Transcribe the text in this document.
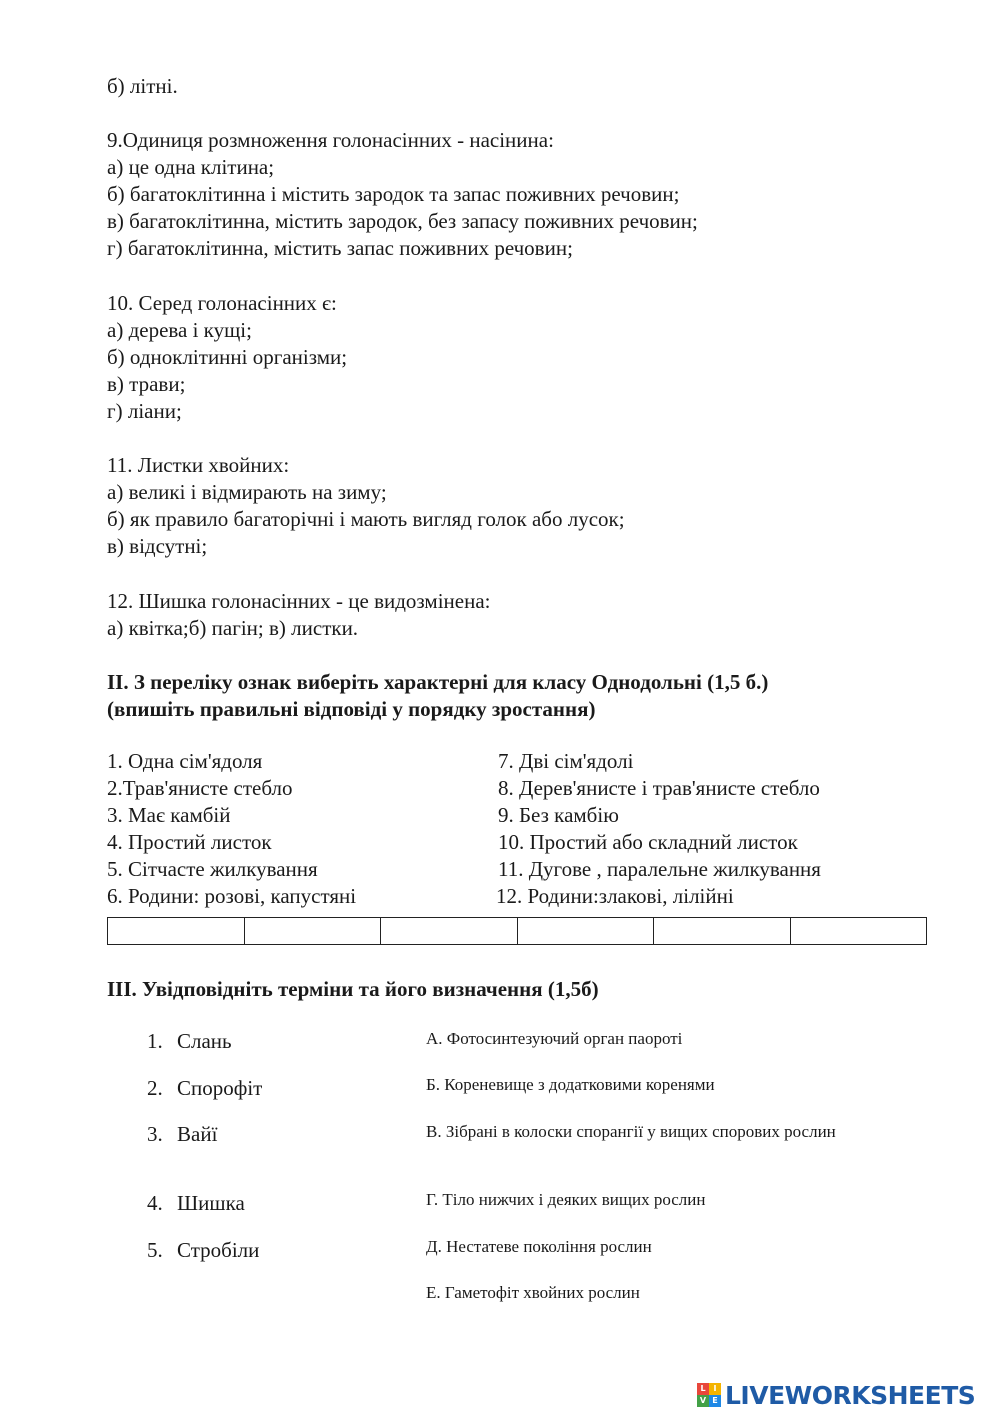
б) літні.
9.Одиниця розмноження голонасінних - насінина:
а) це одна клітина;
б) багатоклітинна і містить зародок та запас поживних речовин;
в) багатоклітинна, містить зародок, без запасу поживних речовин;
г) багатоклітинна, містить запас поживних речовин;
10. Серед голонасінних є:
а) дерева і кущі;
б) одноклітинні організми;
в) трави;
г) ліани;
11. Листки хвойних:
а) великі і відмирають на зиму;
б) як правило багаторічні і мають вигляд голок або лусок;
в) відсутні;
12. Шишка голонасінних - це видозмінена:
а) квітка;б) пагін; в) листки.
ІІ. З переліку ознак виберіть характерні для класу Однодольні (1,5 б.)
(впишіть правильні відповіді у порядку зростання)
1. Одна сім'ядоля
2.Трав'янисте стебло
3. Має камбій
4. Простий листок
5. Сітчасте жилкування
6. Родини: розові, капустяні
7. Дві сім'ядолі
8. Дерев'янисте і трав'янисте стебло
9. Без камбію
10. Простий або складний листок
11. Дугове , паралельне жилкування
12. Родини:злакові, лілійні
ІІІ. Увідповідніть терміни та його визначення (1,5б)
1. Слань
2. Спорофіт
3. Вайї
4. Шишка
5. Стробіли
А. Фотосинтезуючий орган паороті
Б. Кореневище з додатковими коренями
В. Зібрані в колоски спорангії у вищих спорових рослин
Г. Тіло нижчих і деяких вищих рослин
Д. Нестатеве покоління рослин
Е. Гаметофіт хвойних рослин
L I
V E LIVEWORKSHEETS
